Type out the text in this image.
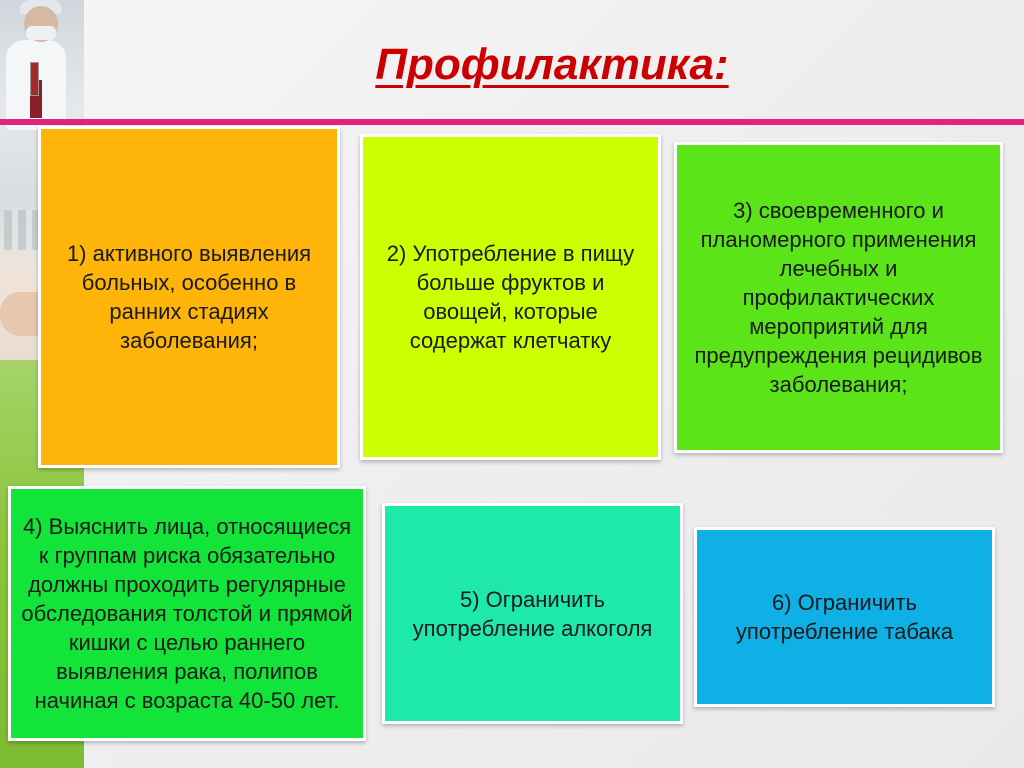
Профилактика:
1) активного выявления больных, особенно в ранних стадиях заболевания;
2) Употребление в пищу больше фруктов и овощей, которые содержат клетчатку
3) своевременного и планомерного применения лечебных и профилактических мероприятий для предупреждения рецидивов заболевания;
4) Выяснить лица, относящиеся к группам риска обязательно должны проходить регулярные обследования толстой и прямой кишки с целью раннего выявления рака, полипов начиная с возраста 40-50 лет.
5) Ограничить употребление алкоголя
6) Ограничить употребление табака
